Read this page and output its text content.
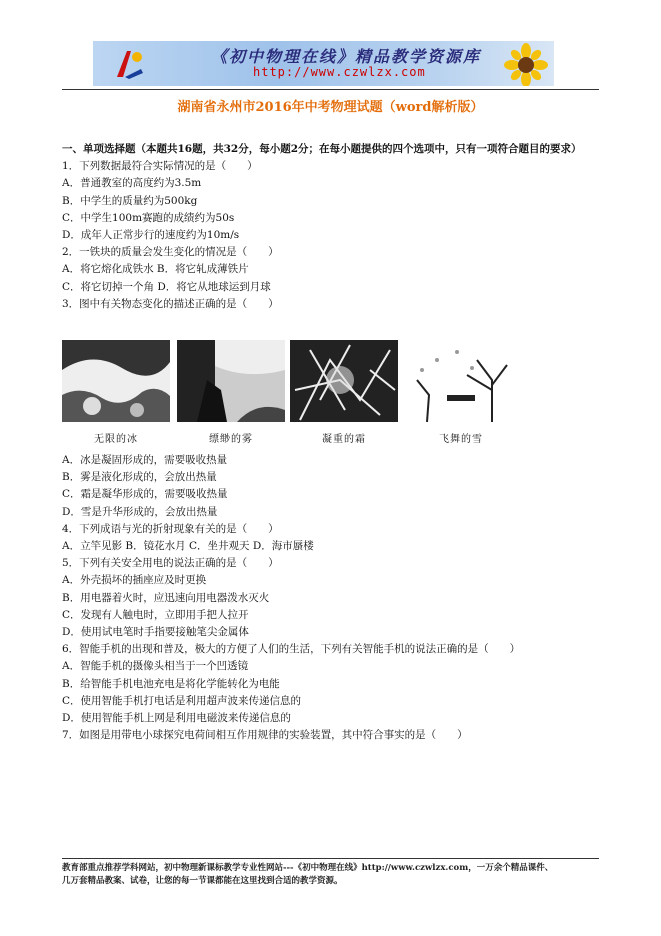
《初中物理在线》精品教学资源库
http://www.czwlzx.com
湖南省永州市2016年中考物理试题（word解析版）
一、单项选择题（本题共16题，共32分，每小题2分；在每小题提供的四个选项中，只有一项符合题目的要求）
1．下列数据最符合实际情况的是（　　）
A．普通教室的高度约为3.5m
B．中学生的质量约为500kg
C．中学生100m赛跑的成绩约为50s
D．成年人正常步行的速度约为10m/s
2．一铁块的质量会发生变化的情况是（　　）
A．将它熔化成铁水 B．将它轧成薄铁片
C．将它切掉一个角 D．将它从地球运到月球
3．图中有关物态变化的描述正确的是（　　）
无限的冰	缥缈的雾	凝重的霜	飞舞的雪
A．冰是凝固形成的，需要吸收热量
B．雾是液化形成的，会放出热量
C．霜是凝华形成的，需要吸收热量
D．雪是升华形成的，会放出热量
4．下列成语与光的折射现象有关的是（　　）
A．立竿见影 B．镜花水月 C．坐井观天 D．海市蜃楼
5．下列有关安全用电的说法正确的是（　　）
A．外壳损坏的插座应及时更换
B．用电器着火时，应迅速向用电器泼水灭火
C．发现有人触电时，立即用手把人拉开
D．使用试电笔时手指要接触笔尖金属体
6．智能手机的出现和普及，极大的方便了人们的生活，下列有关智能手机的说法正确的是（　　）
A．智能手机的摄像头相当于一个凹透镜
B．给智能手机电池充电是将化学能转化为电能
C．使用智能手机打电话是利用超声波来传递信息的
D．使用智能手机上网是利用电磁波来传递信息的
7．如图是用带电小球探究电荷间相互作用规律的实验装置，其中符合事实的是（　　）
教育部重点推荐学科网站，初中物理新课标教学专业性网站---《初中物理在线》http://www.czwlzx.com，一万余个精品课件、
几万套精品教案、试卷，让您的每一节课都能在这里找到合适的教学资源。
